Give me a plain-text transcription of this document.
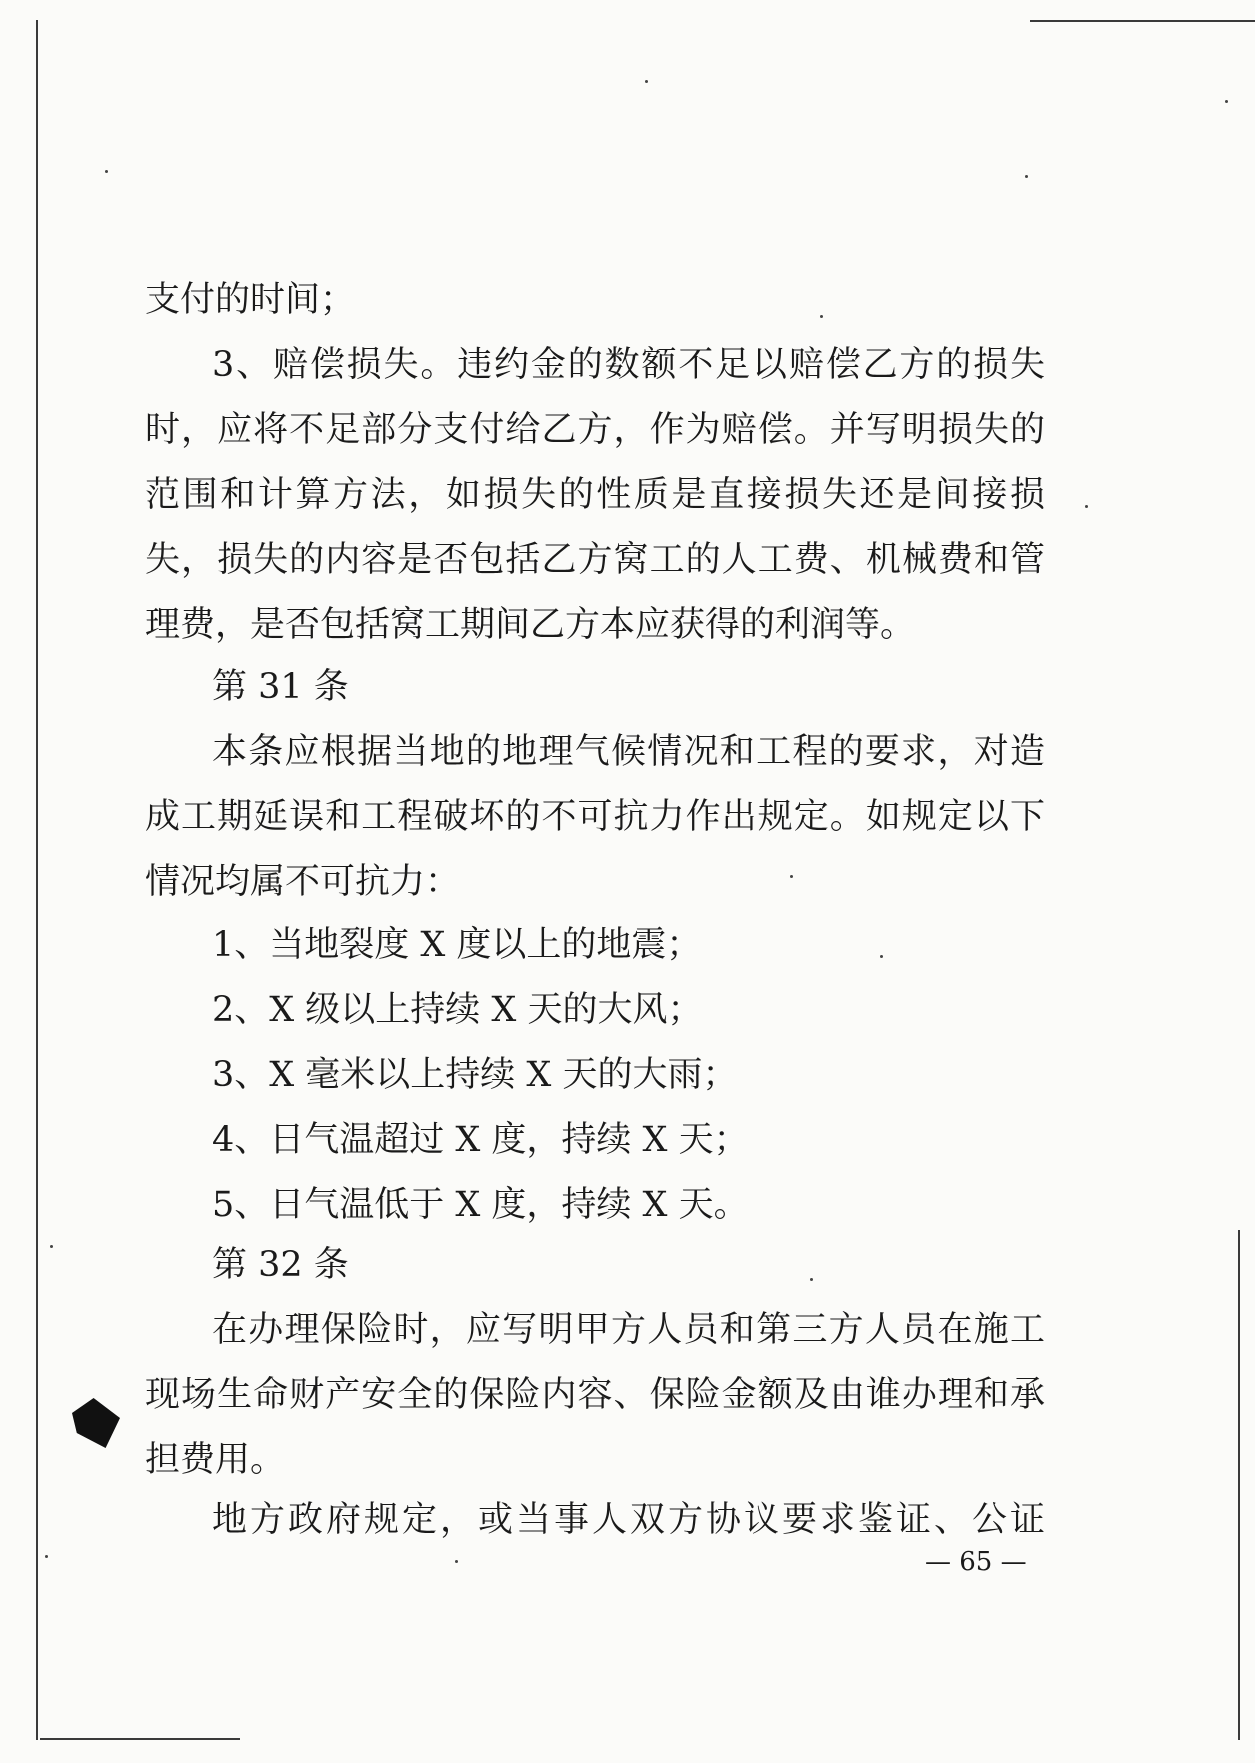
支付的时间；
3、赔偿损失。违约金的数额不足以赔偿乙方的损失
时，应将不足部分支付给乙方，作为赔偿。并写明损失的
范围和计算方法，如损失的性质是直接损失还是间接损
失，损失的内容是否包括乙方窝工的人工费、机械费和管
理费，是否包括窝工期间乙方本应获得的利润等。
第 31 条
本条应根据当地的地理气候情况和工程的要求，对造
成工期延误和工程破坏的不可抗力作出规定。如规定以下
情况均属不可抗力：
1、当地裂度 X 度以上的地震；
2、X 级以上持续 X 天的大风；
3、X 毫米以上持续 X 天的大雨；
4、日气温超过 X 度，持续 X 天；
5、日气温低于 X 度，持续 X 天。
第 32 条
在办理保险时，应写明甲方人员和第三方人员在施工
现场生命财产安全的保险内容、保险金额及由谁办理和承
担费用。
地方政府规定，或当事人双方协议要求鉴证、公证
— 65 —
